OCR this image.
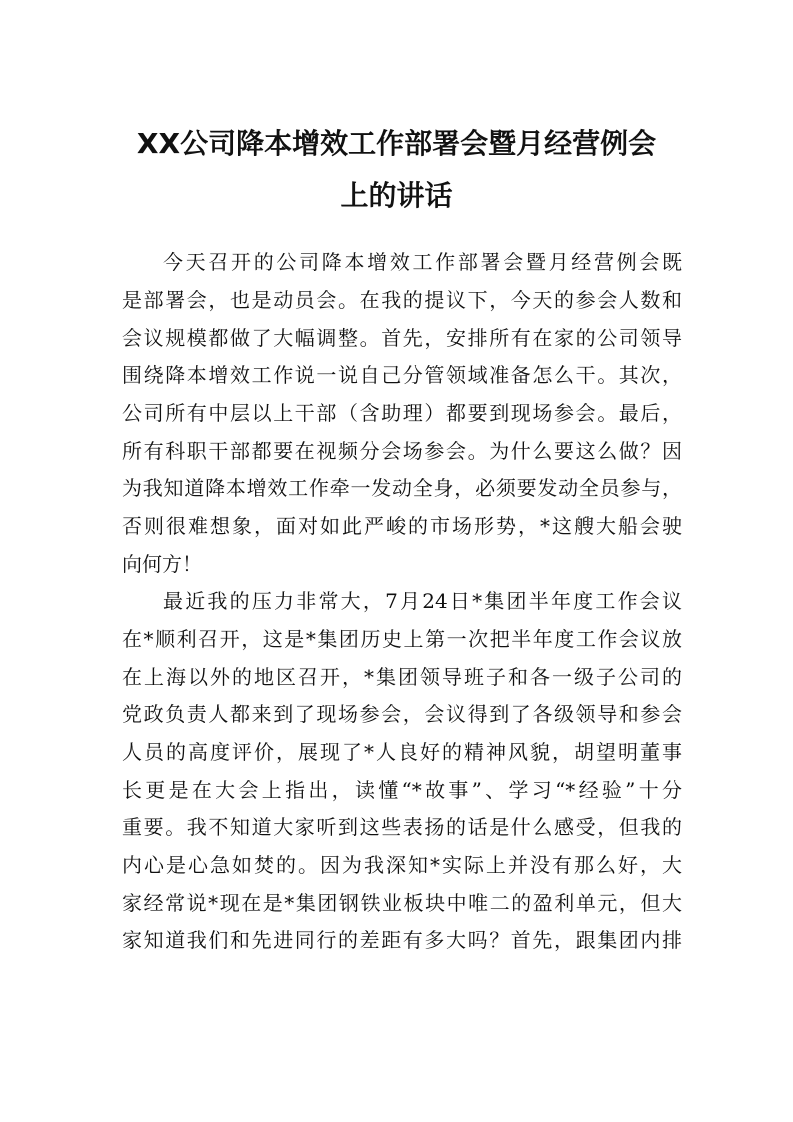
XX公司降本增效工作部署会暨月经营例会
上的讲话

今天召开的公司降本增效工作部署会暨月经营例会既

是部署会，也是动员会。在我的提议下，今天的参会人数和

会议规模都做了大幅调整。首先，安排所有在家的公司领导

围绕降本增效工作说一说自己分管领域准备怎么干。其次，

公司所有中层以上干部（含助理）都要到现场参会。最后，

所有科职干部都要在视频分会场参会。为什么要这么做？因

为我知道降本增效工作牵一发动全身，必须要发动全员参与，

否则很难想象，面对如此严峻的市场形势，*这艘大船会驶

向何方！

最近我的压力非常大，7月24日*集团半年度工作会议

在*顺利召开，这是*集团历史上第一次把半年度工作会议放

在上海以外的地区召开，*集团领导班子和各一级子公司的

党政负责人都来到了现场参会，会议得到了各级领导和参会

人员的高度评价，展现了*人良好的精神风貌，胡望明董事

长更是在大会上指出，读懂“*故事”、学习“*经验”十分

重要。我不知道大家听到这些表扬的话是什么感受，但我的

内心是心急如焚的。因为我深知*实际上并没有那么好，大

家经常说*现在是*集团钢铁业板块中唯二的盈利单元，但大

家知道我们和先进同行的差距有多大吗？首先，跟集团内排
